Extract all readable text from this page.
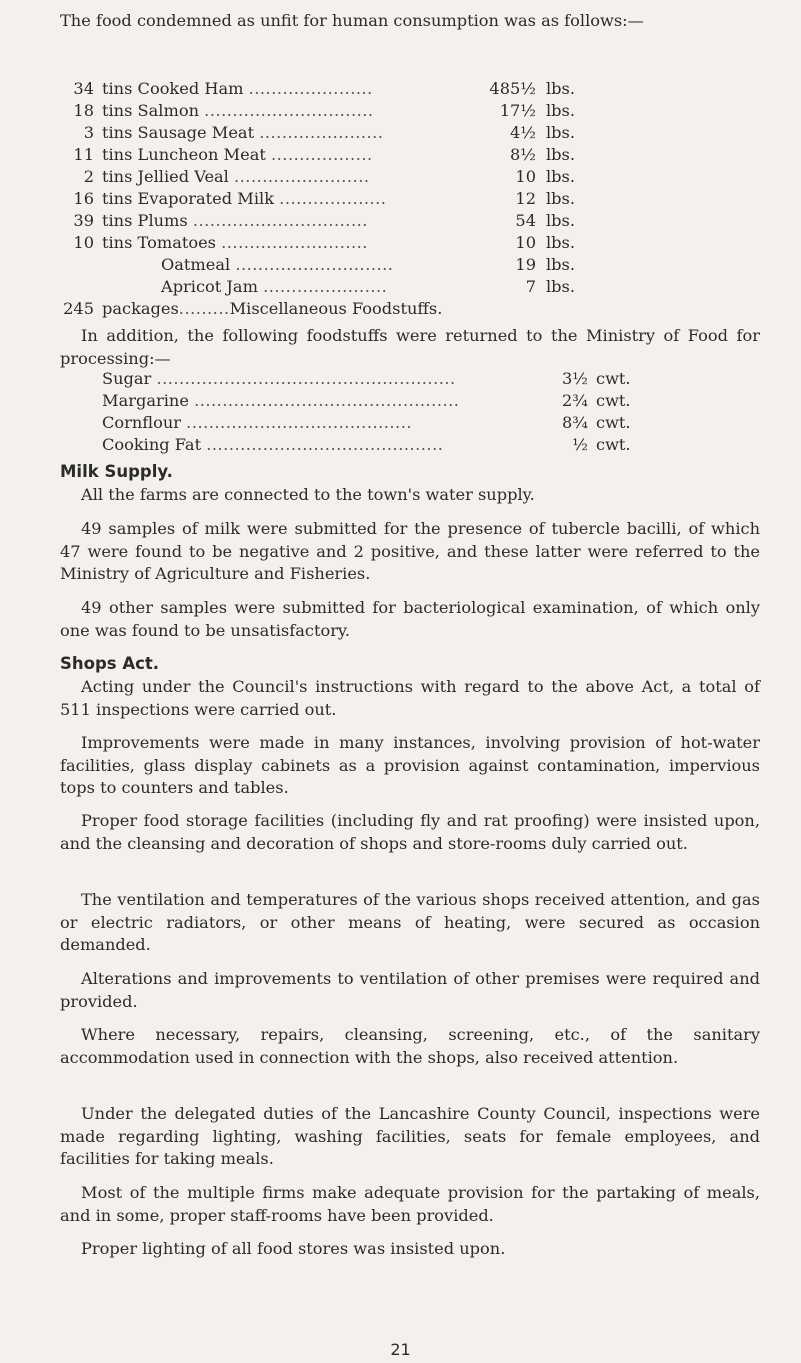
The food condemned as unfit for human consumption was as follows:—
34 tins Cooked Ham ......................	485½ lbs.
18 tins Salmon ..............................	17½ lbs.
3 tins Sausage Meat ......................	4½ lbs.
11 tins Luncheon Meat ..................	8½ lbs.
2 tins Jellied Veal ........................	10 lbs.
16 tins Evaporated Milk ...................	12 lbs.
39 tins Plums ...............................	54 lbs.
10 tins Tomatoes ..........................	10 lbs.
Oatmeal ............................	19 lbs.
Apricot Jam ......................	7 lbs.
245 packages.........Miscellaneous Foodstuffs.
In addition, the following foodstuffs were returned to the Ministry of Food for processing:—
Sugar .....................................................	3½ cwt.
Margarine ...............................................	2¾ cwt.
Cornflour ........................................	8¾ cwt.
Cooking Fat ..........................................	½ cwt.
Milk Supply.
All the farms are connected to the town's water supply.
49 samples of milk were submitted for the presence of tubercle bacilli, of which 47 were found to be negative and 2 positive, and these latter were referred to the Ministry of Agriculture and Fisheries.
49 other samples were submitted for bacteriological examination, of which only one was found to be unsatisfactory.
Shops Act.
Acting under the Council's instructions with regard to the above Act, a total of 511 inspections were carried out.
Improvements were made in many instances, involving provision of hot-water facilities, glass display cabinets as a provision against contamination, impervious tops to counters and tables.
Proper food storage facilities (including fly and rat proofing) were insisted upon, and the cleansing and decoration of shops and store-rooms duly carried out.
The ventilation and temperatures of the various shops received attention, and gas or electric radiators, or other means of heating, were secured as occasion demanded.
Alterations and improvements to ventilation of other premises were required and provided.
Where necessary, repairs, cleansing, screening, etc., of the sanitary accommodation used in connection with the shops, also received attention.
Under the delegated duties of the Lancashire County Council, inspections were made regarding lighting, washing facilities, seats for female employees, and facilities for taking meals.
Most of the multiple firms make adequate provision for the partaking of meals, and in some, proper staff-rooms have been provided.
Proper lighting of all food stores was insisted upon.
21
